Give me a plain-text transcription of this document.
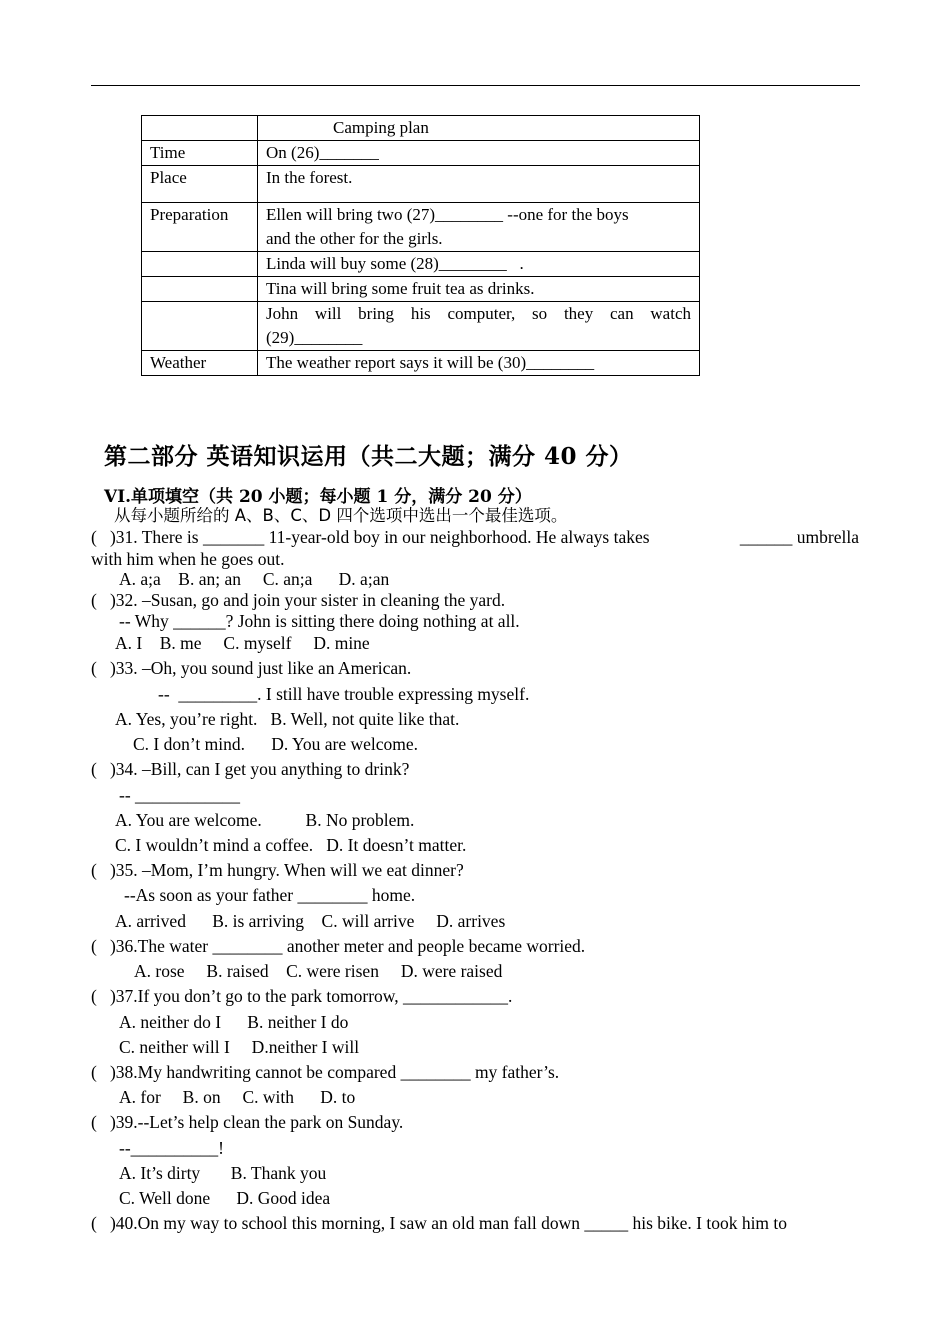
	Camping plan
Time	On (26)_______
Place	In the forest.
Preparation	Ellen will bring two (27)________ --one for the boys and the other for the girls.
	Linda will buy some (28)________   .
	Tina will bring some fruit tea as drinks.
	John will bring his computer, so they can watch (29)________
Weather	The weather report says it will be (30)________
第二部分 英语知识运用（共二大题；满分 40 分）
VI.单项填空（共 20 小题；每小题 1 分，满分 20 分）
从每小题所给的 A、B、C、D 四个选项中选出一个最佳选项。
(   )31. There is _______ 11-year-old boy in our neighborhood. He always takes	______ umbrella
with him when he goes out.
A. a;a    B. an; an     C. an;a      D. a;an
(   )32. –Susan, go and join your sister in cleaning the yard.
-- Why ______? John is sitting there doing nothing at all.
A. I    B. me     C. myself     D. mine
(   )33. –Oh, you sound just like an American.
--  _________. I still have trouble expressing myself.
A. Yes, you’re right.   B. Well, not quite like that.
C. I don’t mind.      D. You are welcome.
(   )34. –Bill, can I get you anything to drink?
-- ____________
A. You are welcome.          B. No problem.
C. I wouldn’t mind a coffee.   D. It doesn’t matter.
(   )35. –Mom, I’m hungry. When will we eat dinner?
--As soon as your father ________ home.
A. arrived      B. is arriving    C. will arrive     D. arrives
(   )36.The water ________ another meter and people became worried.
A. rose     B. raised    C. were risen     D. were raised
(   )37.If you don’t go to the park tomorrow, ____________.
A. neither do I      B. neither I do
C. neither will I     D.neither I will
(   )38.My handwriting cannot be compared ________ my father’s.
A. for     B. on     C. with      D. to
(   )39.--Let’s help clean the park on Sunday.
--__________!
A. It’s dirty       B. Thank you
C. Well done      D. Good idea
(   )40.On my way to school this morning, I saw an old man fall down _____ his bike. I took him to
